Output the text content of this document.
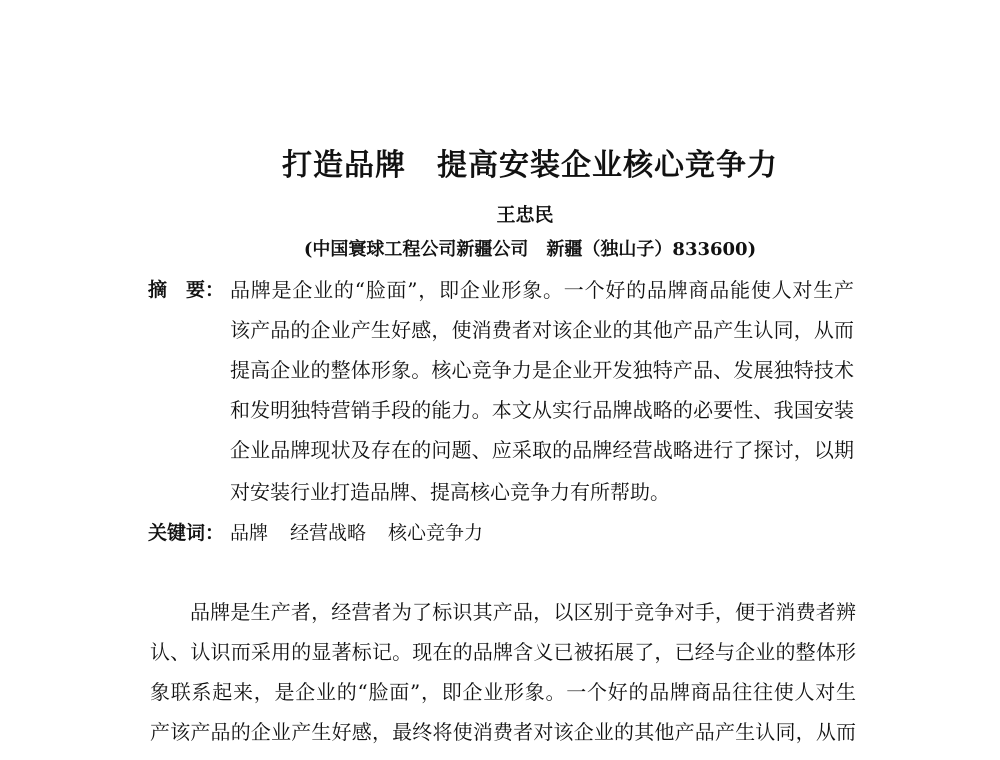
打造品牌　提高安装企业核心竞争力
王忠民
(中国寰球工程公司新疆公司　新疆（独山子）833600)
摘　要： 品牌是企业的“脸面”，即企业形象。一个好的品牌商品能使人对生产
该产品的企业产生好感，使消费者对该企业的其他产品产生认同，从而
提高企业的整体形象。核心竞争力是企业开发独特产品、发展独特技术
和发明独特营销手段的能力。本文从实行品牌战略的必要性、我国安装
企业品牌现状及存在的问题、应采取的品牌经营战略进行了探讨，以期
对安装行业打造品牌、提高核心竞争力有所帮助。
关键词： 品牌 经营战略 核心竞争力
品牌是生产者，经营者为了标识其产品，以区别于竞争对手，便于消费者辨
认、认识而采用的显著标记。现在的品牌含义已被拓展了，已经与企业的整体形
象联系起来，是企业的“脸面”，即企业形象。一个好的品牌商品往往使人对生
产该产品的企业产生好感，最终将使消费者对该企业的其他产品产生认同，从而
